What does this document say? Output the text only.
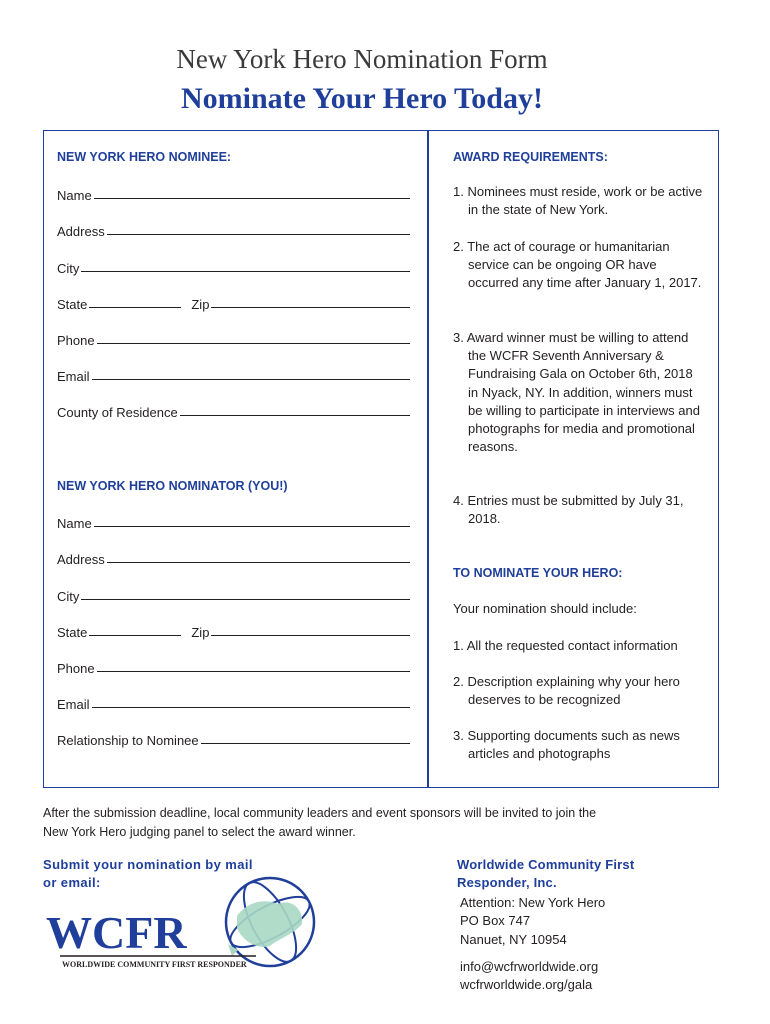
New York Hero Nomination Form
Nominate Your Hero Today!
NEW YORK HERO NOMINEE:
Name
Address
City
State	Zip
Phone
Email
County of Residence
NEW YORK HERO NOMINATOR (YOU!)
Name
Address
City
State	Zip
Phone
Email
Relationship to Nominee
AWARD REQUIREMENTS:
1. Nominees must reside, work or be active in the state of New York.
2. The act of courage or humanitarian service can be ongoing OR have occurred any time after January 1, 2017.
3. Award winner must be willing to attend the WCFR Seventh Anniversary & Fundraising Gala on October 6th, 2018 in Nyack, NY. In addition, winners must be willing to participate in interviews and photographs for media and promotional reasons.
4. Entries must be submitted by July 31, 2018.
TO NOMINATE YOUR HERO:
Your nomination should include:
1. All the requested contact information
2. Description explaining why your hero deserves to be recognized
3. Supporting documents such as news articles and photographs
After the submission deadline, local community leaders and event sponsors will be invited to join the
New York Hero judging panel to select the award winner.
Submit your nomination by mail
or email:
Worldwide Community First
Responder, Inc.
Attention: New York Hero
PO Box 747
Nanuet, NY 10954
info@wcfrworldwide.org
wcfrworldwide.org/gala
WCFR
WORLDWIDE COMMUNITY FIRST RESPONDER
